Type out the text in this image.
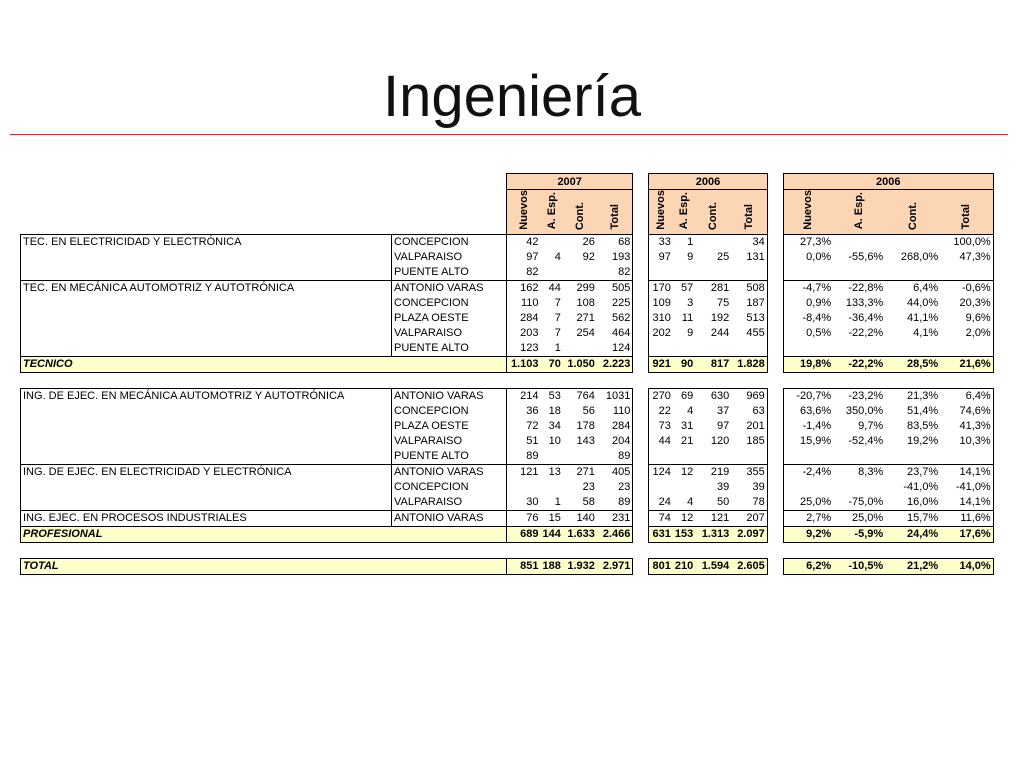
Ingeniería
		2007					2006					2006			

		Nuevos	A. Esp.	Cont.	Total		Nuevos	A. Esp.	Cont.	Total		Nuevos	A. Esp.	Cont.	Total

TEC. EN ELECTRICIDAD Y ELECTRÓNICA	CONCEPCION	42		26	68		33	1		34		27,3%			100,0%
	VALPARAISO	97	4	92	193		97	9	25	131		0,0%	-55,6%	268,0%	47,3%
	PUENTE ALTO	82			82										
TEC. EN MECÁNICA AUTOMOTRIZ Y AUTOTRÓNICA	ANTONIO VARAS	162	44	299	505		170	57	281	508		-4,7%	-22,8%	6,4%	-0,6%
	CONCEPCION	110	7	108	225		109	3	75	187		0,9%	133,3%	44,0%	20,3%
	PLAZA OESTE	284	7	271	562		310	11	192	513		-8,4%	-36,4%	41,1%	9,6%
	VALPARAISO	203	7	254	464		202	9	244	455		0,5%	-22,2%	4,1%	2,0%
	PUENTE ALTO	123	1		124										
TECNICO		1.103	70	1.050	2.223		921	90	817	1.828		19,8%	-22,2%	28,5%	21,6%

ING. DE EJEC. EN MECÁNICA AUTOMOTRIZ Y AUTOTRÓNICA	ANTONIO VARAS	214	53	764	1031		270	69	630	969		-20,7%	-23,2%	21,3%	6,4%
	CONCEPCION	36	18	56	110		22	4	37	63		63,6%	350,0%	51,4%	74,6%
	PLAZA OESTE	72	34	178	284		73	31	97	201		-1,4%	9,7%	83,5%	41,3%
	VALPARAISO	51	10	143	204		44	21	120	185		15,9%	-52,4%	19,2%	10,3%
	PUENTE ALTO	89			89										
ING. DE EJEC. EN ELECTRICIDAD Y ELECTRÓNICA	ANTONIO VARAS	121	13	271	405		124	12	219	355		-2,4%	8,3%	23,7%	14,1%
	CONCEPCION			23	23				39	39				-41,0%	-41,0%
	VALPARAISO	30	1	58	89		24	4	50	78		25,0%	-75,0%	16,0%	14,1%
ING. EJEC. EN PROCESOS INDUSTRIALES	ANTONIO VARAS	76	15	140	231		74	12	121	207		2,7%	25,0%	15,7%	11,6%
PROFESIONAL		689	144	1.633	2.466		631	153	1.313	2.097		9,2%	-5,9%	24,4%	17,6%

TOTAL		851	188	1.932	2.971		801	210	1.594	2.605		6,2%	-10,5%	21,2%	14,0%
